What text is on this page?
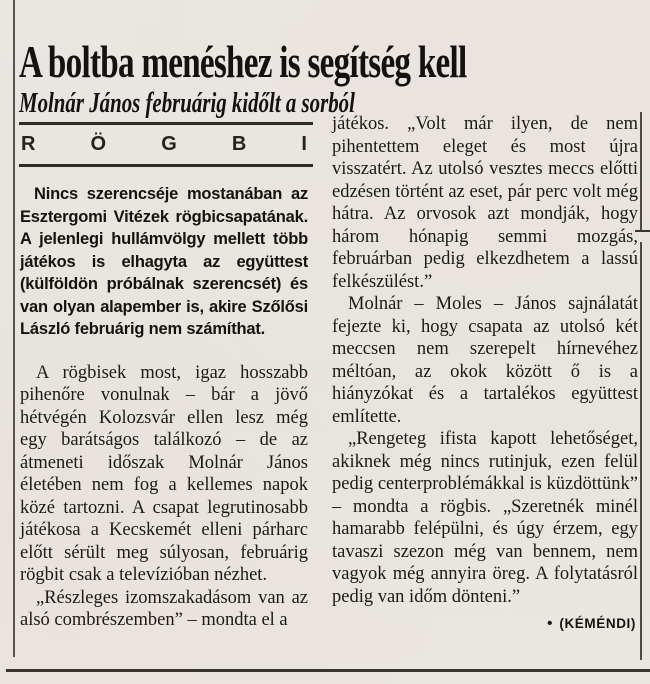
A boltba menéshez is segítség kell
Molnár János februárig kidőlt a sorból
R	Ö	G	B	I

Nincs szerencséje mostanában az Esztergomi Vitézek rögbicsapatának. A jelenlegi hullámvölgy mellett több játékos is elhagyta az együttest (külföldön próbálnak szerencsét) és van olyan alapember is, akire Szőlősi László februárig nem számíthat.

A rögbisek most, igaz hosszabb pihenőre vonulnak – bár a jövő hétvégén Kolozsvár ellen lesz még egy barátságos találkozó – de az átmeneti időszak Molnár János életében nem fog a kellemes napok közé tartozni. A csapat legrutinosabb játékosa a Kecskemét elleni párharc előtt sérült meg súlyosan, februárig rögbit csak a televízióban nézhet.

„Részleges izomszakadásom van az alsó combrészemben” – mondta el a

játékos. „Volt már ilyen, de nem pihentettem eleget és most újra visszatért. Az utolsó vesztes meccs előtti edzésen történt az eset, pár perc volt még hátra. Az orvosok azt mondják, hogy három hónapig semmi mozgás, februárban pedig elkezdhetem a lassú felkészülést.”

Molnár – Moles – János sajnálatát fejezte ki, hogy csapata az utolsó két meccsen nem szerepelt hírnevéhez méltóan, az okok között ő is a hiányzókat és a tartalékos együttest említette.

„Rengeteg ifista kapott lehetőséget, akiknek még nincs rutinjuk, ezen felül pedig centerproblémákkal is küzdöttünk” – mondta a rögbis. „Szeretnék minél hamarabb felépülni, és úgy érzem, egy tavaszi szezon még van bennem, nem vagyok még annyira öreg. A folytatásról pedig van időm dönteni.”

• (KÉMÉNDI)
